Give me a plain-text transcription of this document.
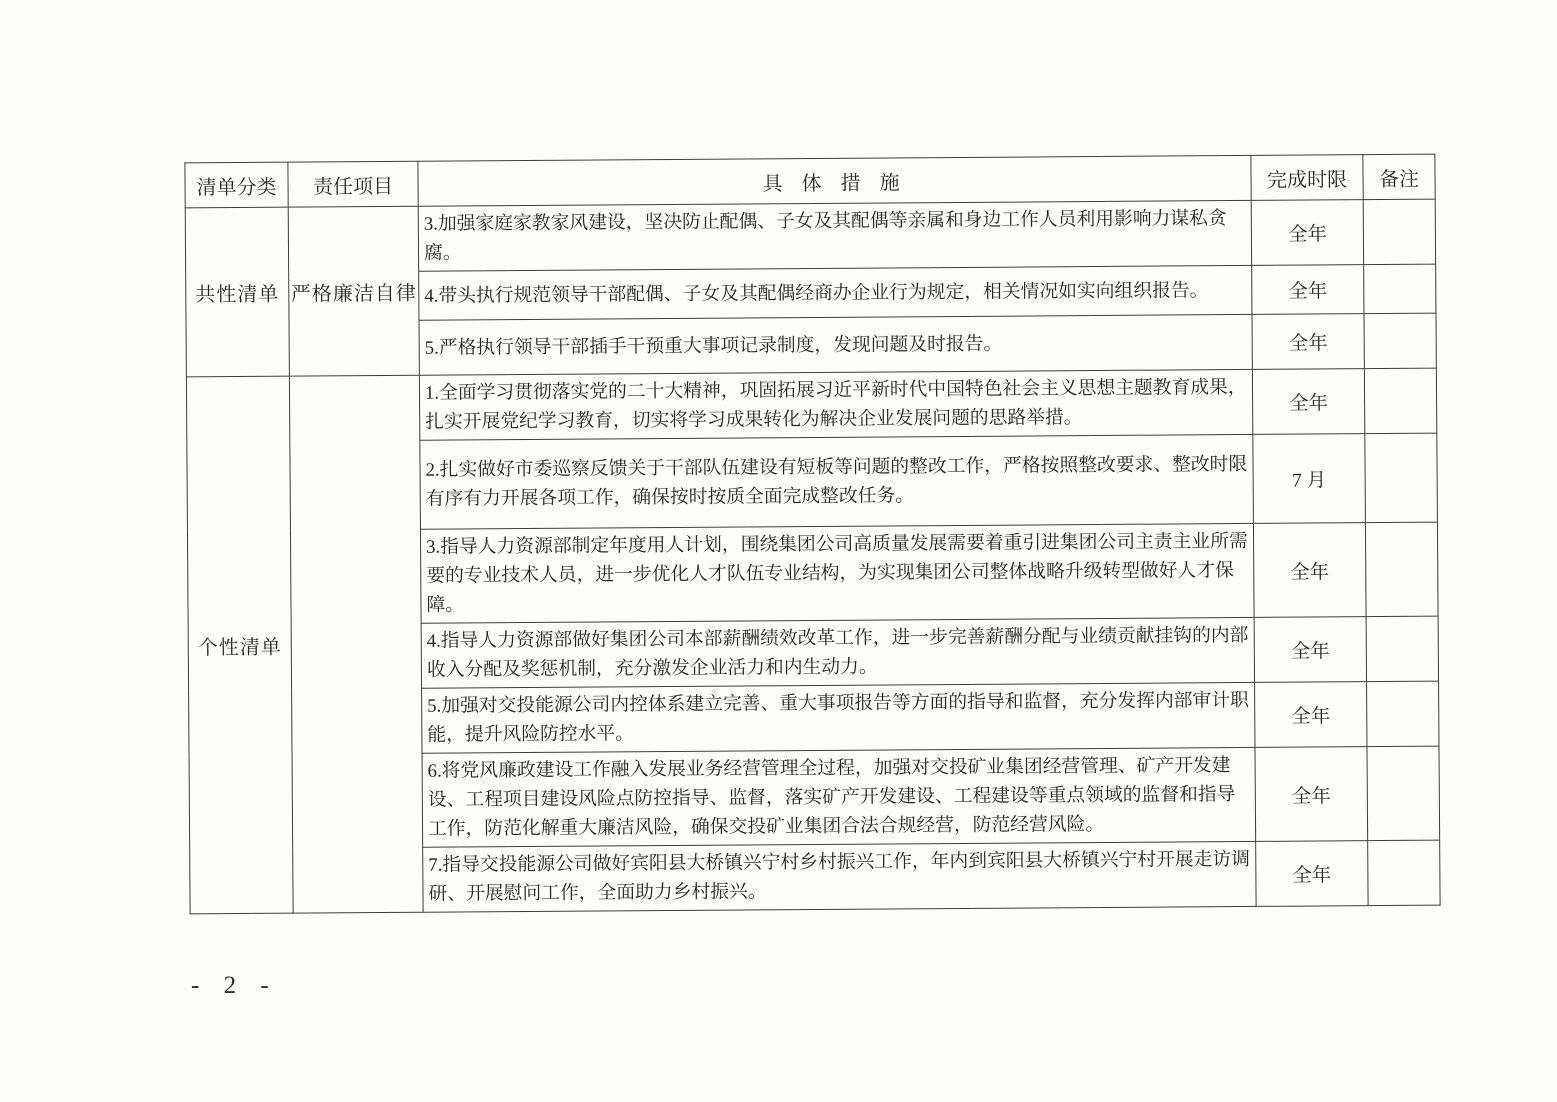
清单分类	责任项目	具 体 措 施	完成时限	备注
共性清单	严格廉洁自律	3.加强家庭家教家风建设，坚决防止配偶、子女及其配偶等亲属和身边工作人员利用影响力谋私贪腐。	全年	
		4.带头执行规范领导干部配偶、子女及其配偶经商办企业行为规定，相关情况如实向组织报告。	全年	
		5.严格执行领导干部插手干预重大事项记录制度，发现问题及时报告。	全年	
个性清单		1.全面学习贯彻落实党的二十大精神，巩固拓展习近平新时代中国特色社会主义思想主题教育成果，扎实开展党纪学习教育，切实将学习成果转化为解决企业发展问题的思路举措。	全年	
		2.扎实做好市委巡察反馈关于干部队伍建设有短板等问题的整改工作，严格按照整改要求、整改时限有序有力开展各项工作，确保按时按质全面完成整改任务。	7 月	
		3.指导人力资源部制定年度用人计划，围绕集团公司高质量发展需要着重引进集团公司主责主业所需要的专业技术人员，进一步优化人才队伍专业结构，为实现集团公司整体战略升级转型做好人才保障。	全年	
		4.指导人力资源部做好集团公司本部薪酬绩效改革工作，进一步完善薪酬分配与业绩贡献挂钩的内部收入分配及奖惩机制，充分激发企业活力和内生动力。	全年	
		5.加强对交投能源公司内控体系建立完善、重大事项报告等方面的指导和监督，充分发挥内部审计职能，提升风险防控水平。	全年	
		6.将党风廉政建设工作融入发展业务经营管理全过程，加强对交投矿业集团经营管理、矿产开发建设、工程项目建设风险点防控指导、监督，落实矿产开发建设、工程建设等重点领域的监督和指导工作，防范化解重大廉洁风险，确保交投矿业集团合法合规经营，防范经营风险。	全年	
		7.指导交投能源公司做好宾阳县大桥镇兴宁村乡村振兴工作，年内到宾阳县大桥镇兴宁村开展走访调研、开展慰问工作，全面助力乡村振兴。	全年	
- 2 -
